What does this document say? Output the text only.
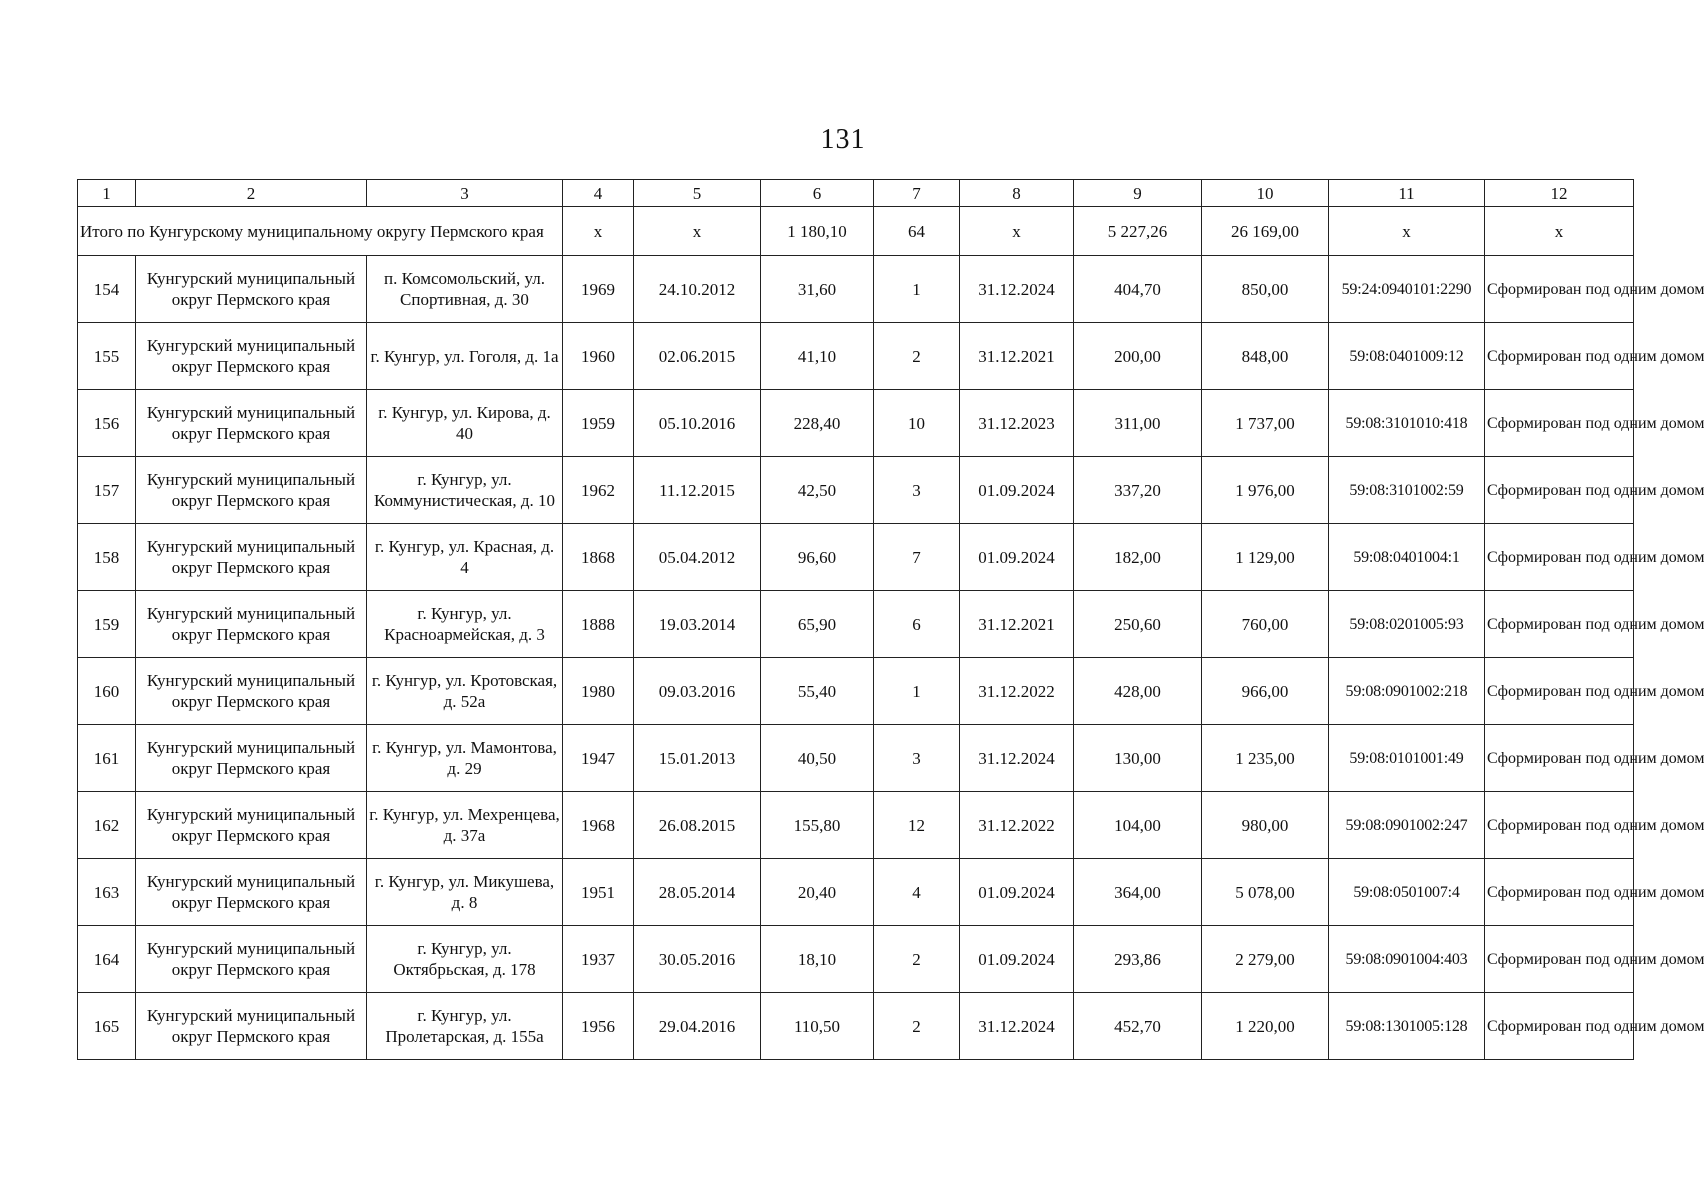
131
1	2	3	4	5	6	7	8	9	10	11	12
Итого по Кунгурскому муниципальному округу Пермского края			х	х	1 180,10	64	х	5 227,26	26 169,00	х	х
154	Кунгурский муниципальный округ Пермского края	п. Комсомольский, ул. Спортивная, д. 30	1969	24.10.2012	31,60	1	31.12.2024	404,70	850,00	59:24:0940101:2290	Сформирован под одним домом
155	Кунгурский муниципальный округ Пермского края	г. Кунгур, ул. Гоголя, д. 1а	1960	02.06.2015	41,10	2	31.12.2021	200,00	848,00	59:08:0401009:12	Сформирован под одним домом
156	Кунгурский муниципальный округ Пермского края	г. Кунгур, ул. Кирова, д. 40	1959	05.10.2016	228,40	10	31.12.2023	311,00	1 737,00	59:08:3101010:418	Сформирован под одним домом
157	Кунгурский муниципальный округ Пермского края	г. Кунгур, ул. Коммунистическая, д. 10	1962	11.12.2015	42,50	3	01.09.2024	337,20	1 976,00	59:08:3101002:59	Сформирован под одним домом
158	Кунгурский муниципальный округ Пермского края	г. Кунгур, ул. Красная, д. 4	1868	05.04.2012	96,60	7	01.09.2024	182,00	1 129,00	59:08:0401004:1	Сформирован под одним домом
159	Кунгурский муниципальный округ Пермского края	г. Кунгур, ул. Красноармейская, д. 3	1888	19.03.2014	65,90	6	31.12.2021	250,60	760,00	59:08:0201005:93	Сформирован под одним домом
160	Кунгурский муниципальный округ Пермского края	г. Кунгур, ул. Кротовская, д. 52а	1980	09.03.2016	55,40	1	31.12.2022	428,00	966,00	59:08:0901002:218	Сформирован под одним домом
161	Кунгурский муниципальный округ Пермского края	г. Кунгур, ул. Мамонтова, д. 29	1947	15.01.2013	40,50	3	31.12.2024	130,00	1 235,00	59:08:0101001:49	Сформирован под одним домом
162	Кунгурский муниципальный округ Пермского края	г. Кунгур, ул. Мехренцева, д. 37а	1968	26.08.2015	155,80	12	31.12.2022	104,00	980,00	59:08:0901002:247	Сформирован под одним домом
163	Кунгурский муниципальный округ Пермского края	г. Кунгур, ул. Микушева, д. 8	1951	28.05.2014	20,40	4	01.09.2024	364,00	5 078,00	59:08:0501007:4	Сформирован под одним домом
164	Кунгурский муниципальный округ Пермского края	г. Кунгур, ул. Октябрьская, д. 178	1937	30.05.2016	18,10	2	01.09.2024	293,86	2 279,00	59:08:0901004:403	Сформирован под одним домом
165	Кунгурский муниципальный округ Пермского края	г. Кунгур, ул. Пролетарская, д. 155а	1956	29.04.2016	110,50	2	31.12.2024	452,70	1 220,00	59:08:1301005:128	Сформирован под одним домом
